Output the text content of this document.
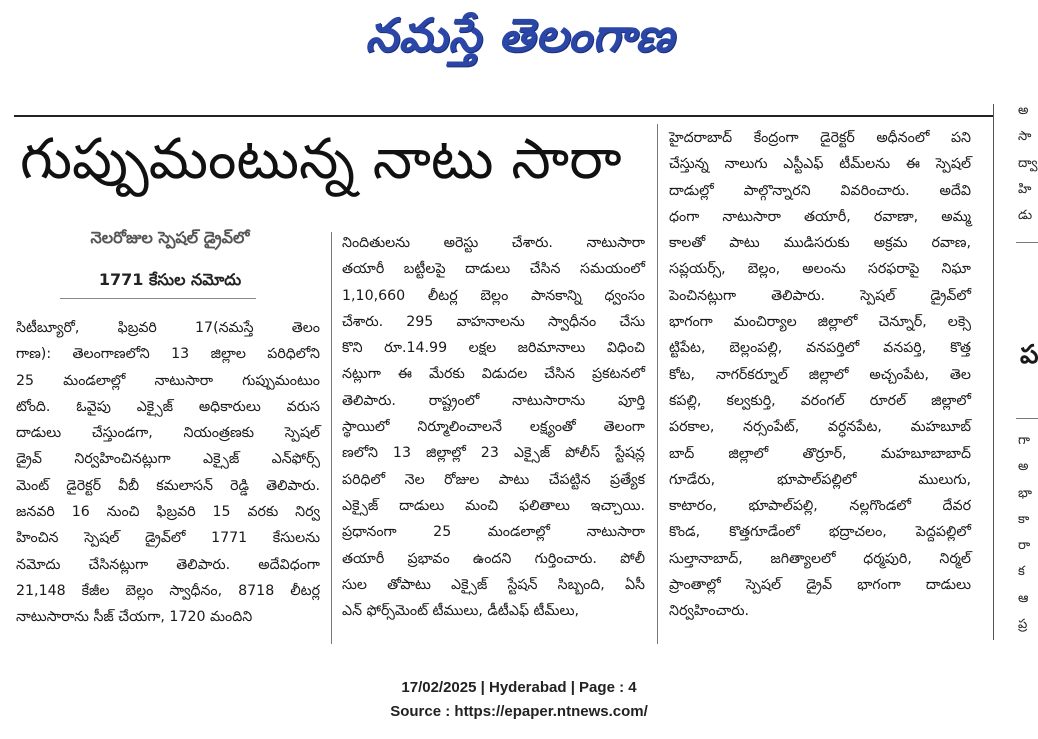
నమస్తే తెలంగాణ
గుప్పుమంటున్న నాటు సారా
నెలరోజుల స్పెషల్‌ డ్రైవ్‌లో
1771 కేసుల నమోదు
సిటీబ్యూరో, ఫిబ్రవరి 17(నమస్తే తెలం
గాణ): తెలంగాణలోని 13 జిల్లాల పరిధిలోని
25 మండలాల్లో నాటుసారా గుప్పుమంటుం
టోంది. ఓవైపు ఎక్సైజ్‌ అధికారులు వరుస
దాడులు చేస్తుండగా, నియంత్రణకు స్పెషల్‌
డ్రైవ్‌ నిర్వహించినట్లుగా ఎక్సైజ్‌ ఎన్‌ఫోర్స్‌
మెంట్‌ డైరెక్టర్‌ వీబీ కమలాసన్‌ రెడ్డి తెలిపారు.
జనవరి 16 నుంచి ఫిబ్రవరి 15 వరకు నిర్వ
హించిన స్పెషల్‌ డ్రైవ్‌లో 1771 కేసులను
నమోదు చేసినట్లుగా తెలిపారు. అదేవిధంగా
21,148 కేజీల బెల్లం స్వాధీనం, 8718 లీటర్ల
నాటుసారాను సీజ్‌ చేయగా, 1720 మందిని
నిందితులను అరెస్టు చేశారు. నాటుసారా
తయారీ బట్టీలపై దాడులు చేసిన సమయంలో
1,10,660 లీటర్ల బెల్లం పానకాన్ని ధ్వంసం
చేశారు. 295 వాహనాలను స్వాధీనం చేసు
కొని రూ.14.99 లక్షల జరిమానాలు విధించి
నట్లుగా ఈ మేరకు విడుదల చేసిన ప్రకటనలో
తెలిపారు. రాష్ట్రంలో నాటుసారాను పూర్తి
స్థాయిలో నిర్మూలించాలనే లక్ష్యంతో తెలంగా
ణలోని 13 జిల్లాల్లో 23 ఎక్సైజ్‌ పోలీస్‌ స్టేషన్ల
పరిధిలో నెల రోజుల పాటు చేపట్టిన ప్రత్యేక
ఎక్సైజ్‌ దాడులు మంచి ఫలితాలు ఇచ్చాయి.
ప్రధానంగా 25 మండలాల్లో నాటుసారా
తయారీ ప్రభావం ఉందని గుర్తించారు. పోలీ
సుల తోపాటు ఎక్సైజ్‌ స్టేషన్‌ సిబ్బంది, ఏసీ
ఎన్‌ ఫోర్స్‌మెంట్‌ టీములు, డీటీఎఫ్‌ టీమ్‌లు,
హైదరాబాద్‌ కేంద్రంగా డైరెక్టర్‌ అధీనంలో పని
చేస్తున్న నాలుగు ఎస్టీఎఫ్‌ టీమ్‌లను ఈ స్పెషల్‌
దాడుల్లో పాల్గొన్నారని వివరించారు. అదేవి
ధంగా నాటుసారా తయారీ, రవాణా, అమ్మ
కాలతో పాటు ముడిసరుకు అక్రమ రవాణ,
సప్లయర్స్‌, బెల్లం, అలంను సరఫరాపై నిఘా
పెంచినట్లుగా తెలిపారు. స్పెషల్‌ డ్రైవ్‌లో
భాగంగా మంచిర్యాల జిల్లాలో చెన్నూర్‌, లక్సె
ట్టిపేట, బెల్లంపల్లి, వనపర్తిలో వనపర్తి, కొత్త
కోట, నాగర్‌కర్నూల్‌ జిల్లాలో అచ్చంపేట, తెల
కపల్లి, కల్వకుర్తి, వరంగల్‌ రూరల్‌ జిల్లాలో
పరకాల, నర్సంపేట్‌, వర్ధనపేట, మహబూబ్‌
బాద్‌ జిల్లాలో తొర్రూర్‌, మహబూబాబాద్‌
గూడేరు, భూపాల్‌పల్లిలో ములుగు,
కాటారం, భూపాల్‌పల్లి, నల్లగొండలో దేవర
కొండ, కొత్తగూడేంలో భద్రాచలం, పెద్దపల్లిలో
సుల్తానాబాద్‌, జగిత్యాలలో ధర్మపురి, నిర్మల్‌
ప్రాంతాల్లో స్పెషల్‌ డ్రైవ్‌ భాగంగా దాడులు
నిర్వహించారు.
అ
సా
ద్వా
హి
డు
ప
గా
అ
భా
కా
రా
క
ఆ
ప్ర
17/02/2025 | Hyderabad | Page : 4
Source : https://epaper.ntnews.com/
